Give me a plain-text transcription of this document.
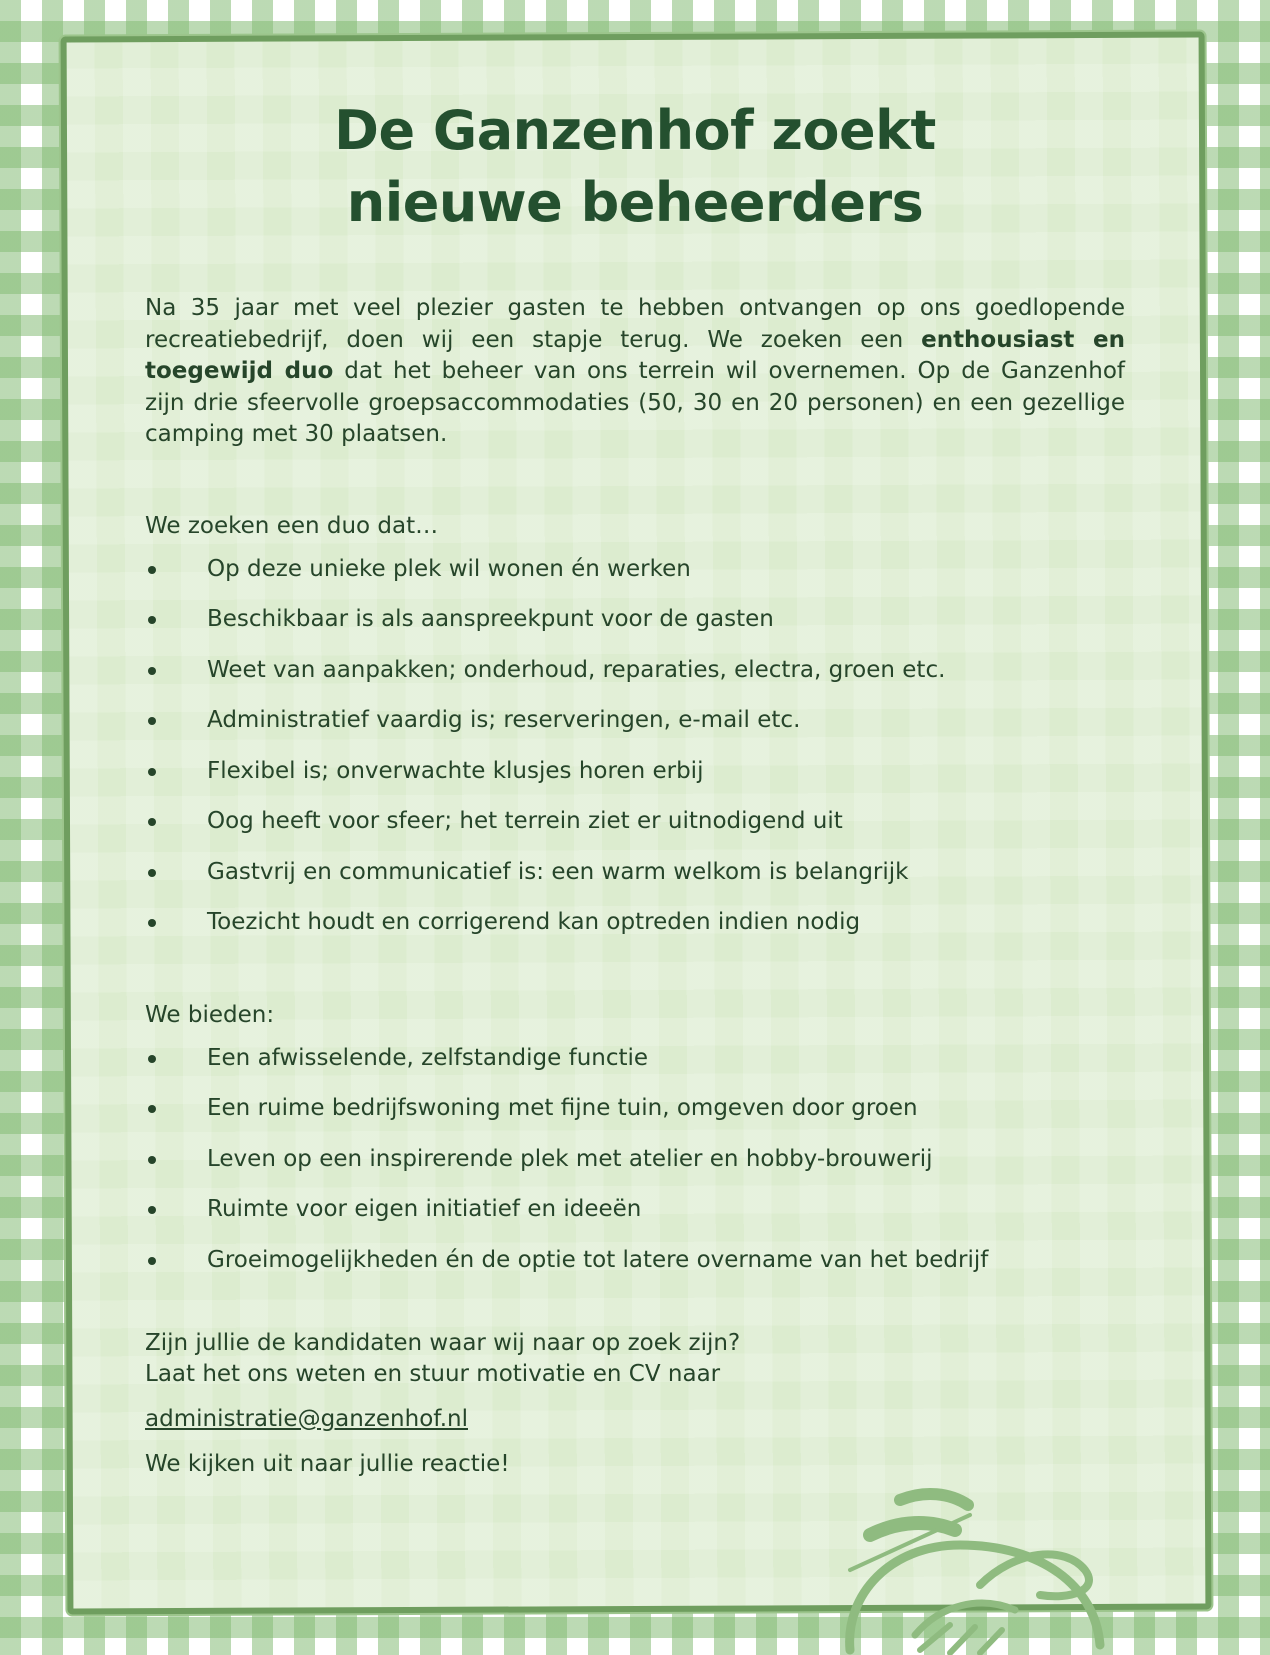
De Ganzenhof zoekt
nieuwe beheerders

Na 35 jaar met veel plezier gasten te hebben ontvangen op ons goedlopende recreatiebedrijf, doen wij een stapje terug. We zoeken een enthousiast en toegewijd duo dat het beheer van ons terrein wil overnemen. Op de Ganzenhof zijn drie sfeervolle groepsaccommodaties (50, 30 en 20 personen) en een gezellige camping met 30 plaatsen.

We zoeken een duo dat…

Op deze unieke plek wil wonen én werken
Beschikbaar is als aanspreekpunt voor de gasten
Weet van aanpakken; onderhoud, reparaties, electra, groen etc.
Administratief vaardig is; reserveringen, e-mail etc.
Flexibel is; onverwachte klusjes horen erbij
Oog heeft voor sfeer; het terrein ziet er uitnodigend uit
Gastvrij en communicatief is: een warm welkom is belangrijk
Toezicht houdt en corrigerend kan optreden indien nodig

We bieden:

Een afwisselende, zelfstandige functie
Een ruime bedrijfswoning met fijne tuin, omgeven door groen
Leven op een inspirerende plek met atelier en hobby-brouwerij
Ruimte voor eigen initiatief en ideeën
Groeimogelijkheden én de optie tot latere overname van het bedrijf

Zijn jullie de kandidaten waar wij naar op zoek zijn?
Laat het ons weten en stuur motivatie en CV naar

administratie@ganzenhof.nl

We kijken uit naar jullie reactie!
